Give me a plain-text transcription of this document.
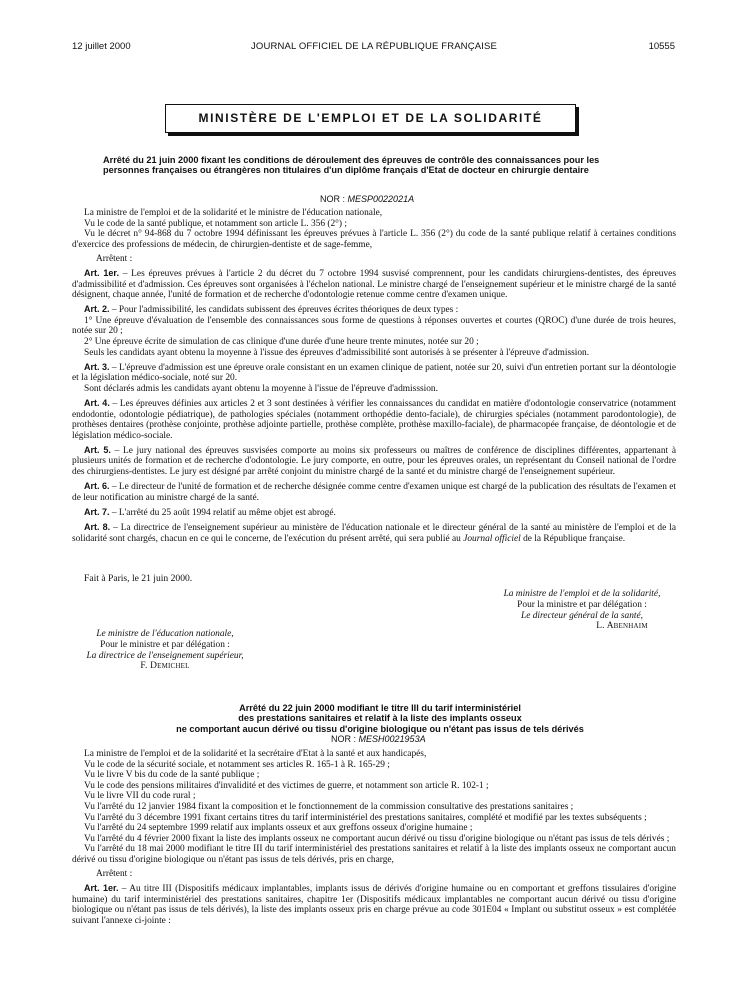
12 juillet 2000	JOURNAL OFFICIEL DE LA RÉPUBLIQUE FRANÇAISE	10555
MINISTÈRE DE L'EMPLOI ET DE LA SOLIDARITÉ
Arrêté du 21 juin 2000 fixant les conditions de déroulement des épreuves de contrôle des connaissances pour les personnes françaises ou étrangères non titulaires d'un diplôme français d'Etat de docteur en chirurgie dentaire
NOR : MESP0022021A

La ministre de l'emploi et de la solidarité et le ministre de l'éducation nationale,

Vu le code de la santé publique, et notamment son article L. 356 (2°) ;

Vu le décret n° 94-868 du 7 octobre 1994 définissant les épreuves prévues à l'article L. 356 (2°) du code de la santé publique relatif à certaines conditions d'exercice des professions de médecin, de chirurgien-dentiste et de sage-femme,

Arrêtent :

Art. 1er. – Les épreuves prévues à l'article 2 du décret du 7 octobre 1994 susvisé comprennent, pour les candidats chirurgiens-dentistes, des épreuves d'admissibilité et d'admission. Ces épreuves sont organisées à l'échelon national. Le ministre chargé de l'enseignement supérieur et le ministre chargé de la santé désignent, chaque année, l'unité de formation et de recherche d'odontologie retenue comme centre d'examen unique.

Art. 2. – Pour l'admissibilité, les candidats subissent des épreuves écrites théoriques de deux types :

1° Une épreuve d'évaluation de l'ensemble des connaissances sous forme de questions à réponses ouvertes et courtes (QROC) d'une durée de trois heures, notée sur 20 ;

2° Une épreuve écrite de simulation de cas clinique d'une durée d'une heure trente minutes, notée sur 20 ;

Seuls les candidats ayant obtenu la moyenne à l'issue des épreuves d'admissibilité sont autorisés à se présenter à l'épreuve d'admission.

Art. 3. – L'épreuve d'admission est une épreuve orale consistant en un examen clinique de patient, notée sur 20, suivi d'un entretien portant sur la déontologie et la législation médico-sociale, noté sur 20.

Sont déclarés admis les candidats ayant obtenu la moyenne à l'issue de l'épreuve d'admisssion.

Art. 4. – Les épreuves définies aux articles 2 et 3 sont destinées à vérifier les connaissances du candidat en matière d'odontologie conservatrice (notamment endodontie, odontologie pédiatrique), de pathologies spéciales (notamment orthopédie dento-faciale), de chirurgies spéciales (notamment parodontologie), de prothèses dentaires (prothèse conjointe, prothèse adjointe partielle, prothèse complète, prothèse maxillo-faciale), de pharmacopée française, de déontologie et de législation médico-sociale.

Art. 5. – Le jury national des épreuves susvisées comporte au moins six professeurs ou maîtres de conférence de disciplines différentes, appartenant à plusieurs unités de formation et de recherche d'odontologie. Le jury comporte, en outre, pour les épreuves orales, un représentant du Conseil national de l'ordre des chirurgiens-dentistes. Le jury est désigné par arrêté conjoint du ministre chargé de la santé et du ministre chargé de l'enseignement supérieur.

Art. 6. – Le directeur de l'unité de formation et de recherche désignée comme centre d'examen unique est chargé de la publication des résultats de l'examen et de leur notification au ministre chargé de la santé.

Art. 7. – L'arrêté du 25 août 1994 relatif au même objet est abrogé.

Art. 8. – La directrice de l'enseignement supérieur au ministère de l'éducation nationale et le directeur général de la santé au ministère de l'emploi et de la solidarité sont chargés, chacun en ce qui le concerne, de l'exécution du présent arrêté, qui sera publié au Journal officiel de la République française.

Fait à Paris, le 21 juin 2000.
La ministre de l'emploi et de la solidarité,
Pour la ministre et par délégation :
Le directeur général de la santé,
L. Abenhaim
Le ministre de l'éducation nationale,
Pour le ministre et par délégation :
La directrice de l'enseignement supérieur,
F. Demichel
Arrêté du 22 juin 2000 modifiant le titre III du tarif interministériel
des prestations sanitaires et relatif à la liste des implants osseux
ne comportant aucun dérivé ou tissu d'origine biologique ou n'étant pas issus de tels dérivés
NOR : MESH0021953A

La ministre de l'emploi et de la solidarité et la secrétaire d'Etat à la santé et aux handicapés,

Vu le code de la sécurité sociale, et notamment ses articles R. 165-1 à R. 165-29 ;

Vu le livre V bis du code de la santé publique ;

Vu le code des pensions militaires d'invalidité et des victimes de guerre, et notamment son article R. 102-1 ;

Vu le livre VII du code rural ;

Vu l'arrêté du 12 janvier 1984 fixant la composition et le fonctionnement de la commission consultative des prestations sanitaires ;

Vu l'arrêté du 3 décembre 1991 fixant certains titres du tarif interministériel des prestations sanitaires, complété et modifié par les textes subséquents ;

Vu l'arrêté du 24 septembre 1999 relatif aux implants osseux et aux greffons osseux d'origine humaine ;

Vu l'arrêté du 4 février 2000 fixant la liste des implants osseux ne comportant aucun dérivé ou tissu d'origine biologique ou n'étant pas issus de tels dérivés ;

Vu l'arrêté du 18 mai 2000 modifiant le titre III du tarif interministériel des prestations sanitaires et relatif à la liste des implants osseux ne comportant aucun dérivé ou tissu d'origine biologique ou n'étant pas issus de tels dérivés, pris en charge,

Arrêtent :

Art. 1er. – Au titre III (Dispositifs médicaux implantables, implants issus de dérivés d'origine humaine ou en comportant et greffons tissulaires d'origine humaine) du tarif interministériel des prestations sanitaires, chapitre 1er (Dispositifs médicaux implantables ne comportant aucun dérivé ou tissu d'origine biologique ou n'étant pas issus de tels dérivés), la liste des implants osseux pris en charge prévue au code 301E04 « Implant ou substitut osseux » est complétée suivant l'annexe ci-jointe :
